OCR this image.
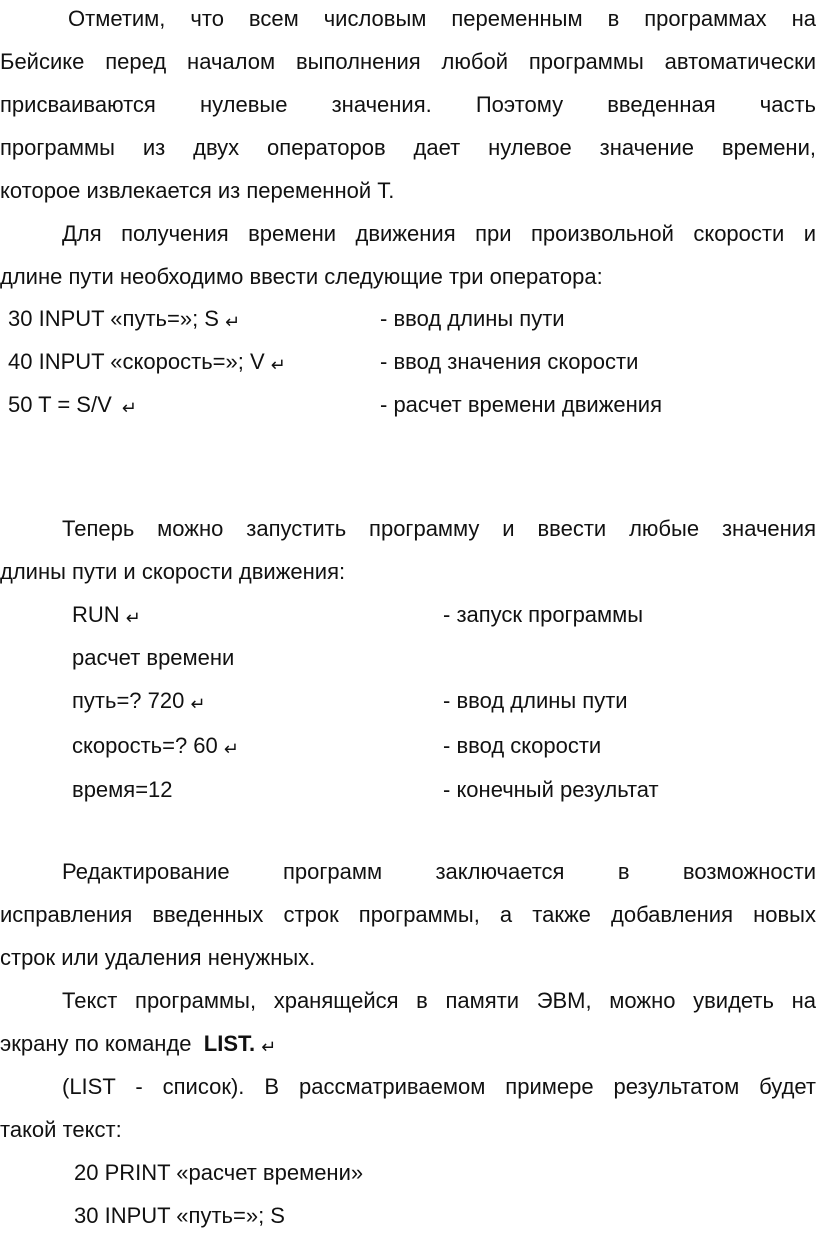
Отметим, что всем числовым переменным в программах на
Бейсике перед началом выполнения любой программы автоматически
присваиваются нулевые значения. Поэтому введенная часть
программы из двух операторов дает нулевое значение времени,
которое извлекается из переменной T.
Для получения времени движения при произвольной скорости и
длине пути необходимо ввести следующие три оператора:
30 INPUT «путь=»; S ↵	- ввод длины пути
40 INPUT «скорость=»; V ↵	- ввод значения скорости
50 T = S/V ↵	- расчет времени движения
Теперь можно запустить программу и ввести любые значения
длины пути и скорости движения:
RUN ↵	- запуск программы
расчет времени
путь=? 720 ↵	- ввод длины пути
скорость=? 60 ↵	- ввод скорости
время=12	- конечный результат
Редактирование программ заключается в возможности
исправления введенных строк программы, а также добавления новых
строк или удаления ненужных.
Текст программы, хранящейся в памяти ЭВМ, можно увидеть на
экрану по команде LIST. ↵
(LIST - список). В рассматриваемом примере результатом будет
такой текст:
20 PRINT «расчет времени»
30 INPUT «путь=»; S
